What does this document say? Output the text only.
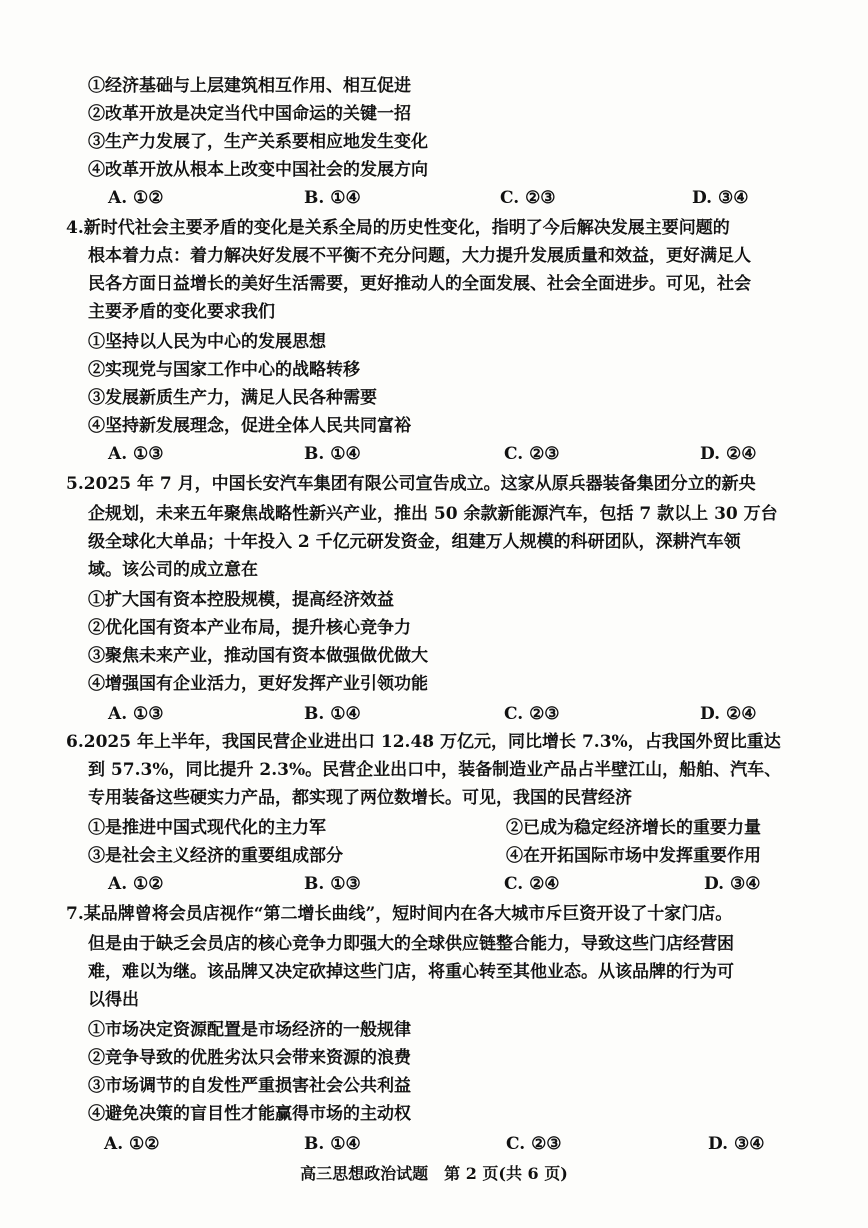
①经济基础与上层建筑相互作用、相互促进
②改革开放是决定当代中国命运的关键一招
③生产力发展了，生产关系要相应地发生变化
④改革开放从根本上改变中国社会的发展方向
A. ①②	B. ①④	C. ②③	D. ③④
4.新时代社会主要矛盾的变化是关系全局的历史性变化，指明了今后解决发展主要问题的
根本着力点：着力解决好发展不平衡不充分问题，大力提升发展质量和效益，更好满足人
民各方面日益增长的美好生活需要，更好推动人的全面发展、社会全面进步。可见，社会
主要矛盾的变化要求我们
①坚持以人民为中心的发展思想
②实现党与国家工作中心的战略转移
③发展新质生产力，满足人民各种需要
④坚持新发展理念，促进全体人民共同富裕
A. ①③	B. ①④	C. ②③	D. ②④
5.2025 年 7 月，中国长安汽车集团有限公司宣告成立。这家从原兵器装备集团分立的新央
企规划，未来五年聚焦战略性新兴产业，推出 50 余款新能源汽车，包括 7 款以上 30 万台
级全球化大单品；十年投入 2 千亿元研发资金，组建万人规模的科研团队，深耕汽车领
域。该公司的成立意在
①扩大国有资本控股规模，提高经济效益
②优化国有资本产业布局，提升核心竞争力
③聚焦未来产业，推动国有资本做强做优做大
④增强国有企业活力，更好发挥产业引领功能
A. ①③	B. ①④	C. ②③	D. ②④
6.2025 年上半年，我国民营企业进出口 12.48 万亿元，同比增长 7.3%，占我国外贸比重达
到 57.3%，同比提升 2.3%。民营企业出口中，装备制造业产品占半壁江山，船舶、汽车、
专用装备这些硬实力产品，都实现了两位数增长。可见，我国的民营经济
①是推进中国式现代化的主力军	②已成为稳定经济增长的重要力量
③是社会主义经济的重要组成部分	④在开拓国际市场中发挥重要作用
A. ①②	B. ①③	C. ②④	D. ③④
7.某品牌曾将会员店视作“第二增长曲线”，短时间内在各大城市斥巨资开设了十家门店。
但是由于缺乏会员店的核心竞争力即强大的全球供应链整合能力，导致这些门店经营困
难，难以为继。该品牌又决定砍掉这些门店，将重心转至其他业态。从该品牌的行为可
以得出
①市场决定资源配置是市场经济的一般规律
②竞争导致的优胜劣汰只会带来资源的浪费
③市场调节的自发性严重损害社会公共利益
④避免决策的盲目性才能赢得市场的主动权
A. ①②	B. ①④	C. ②③	D. ③④
高三思想政治试题　第 2 页(共 6 页)
